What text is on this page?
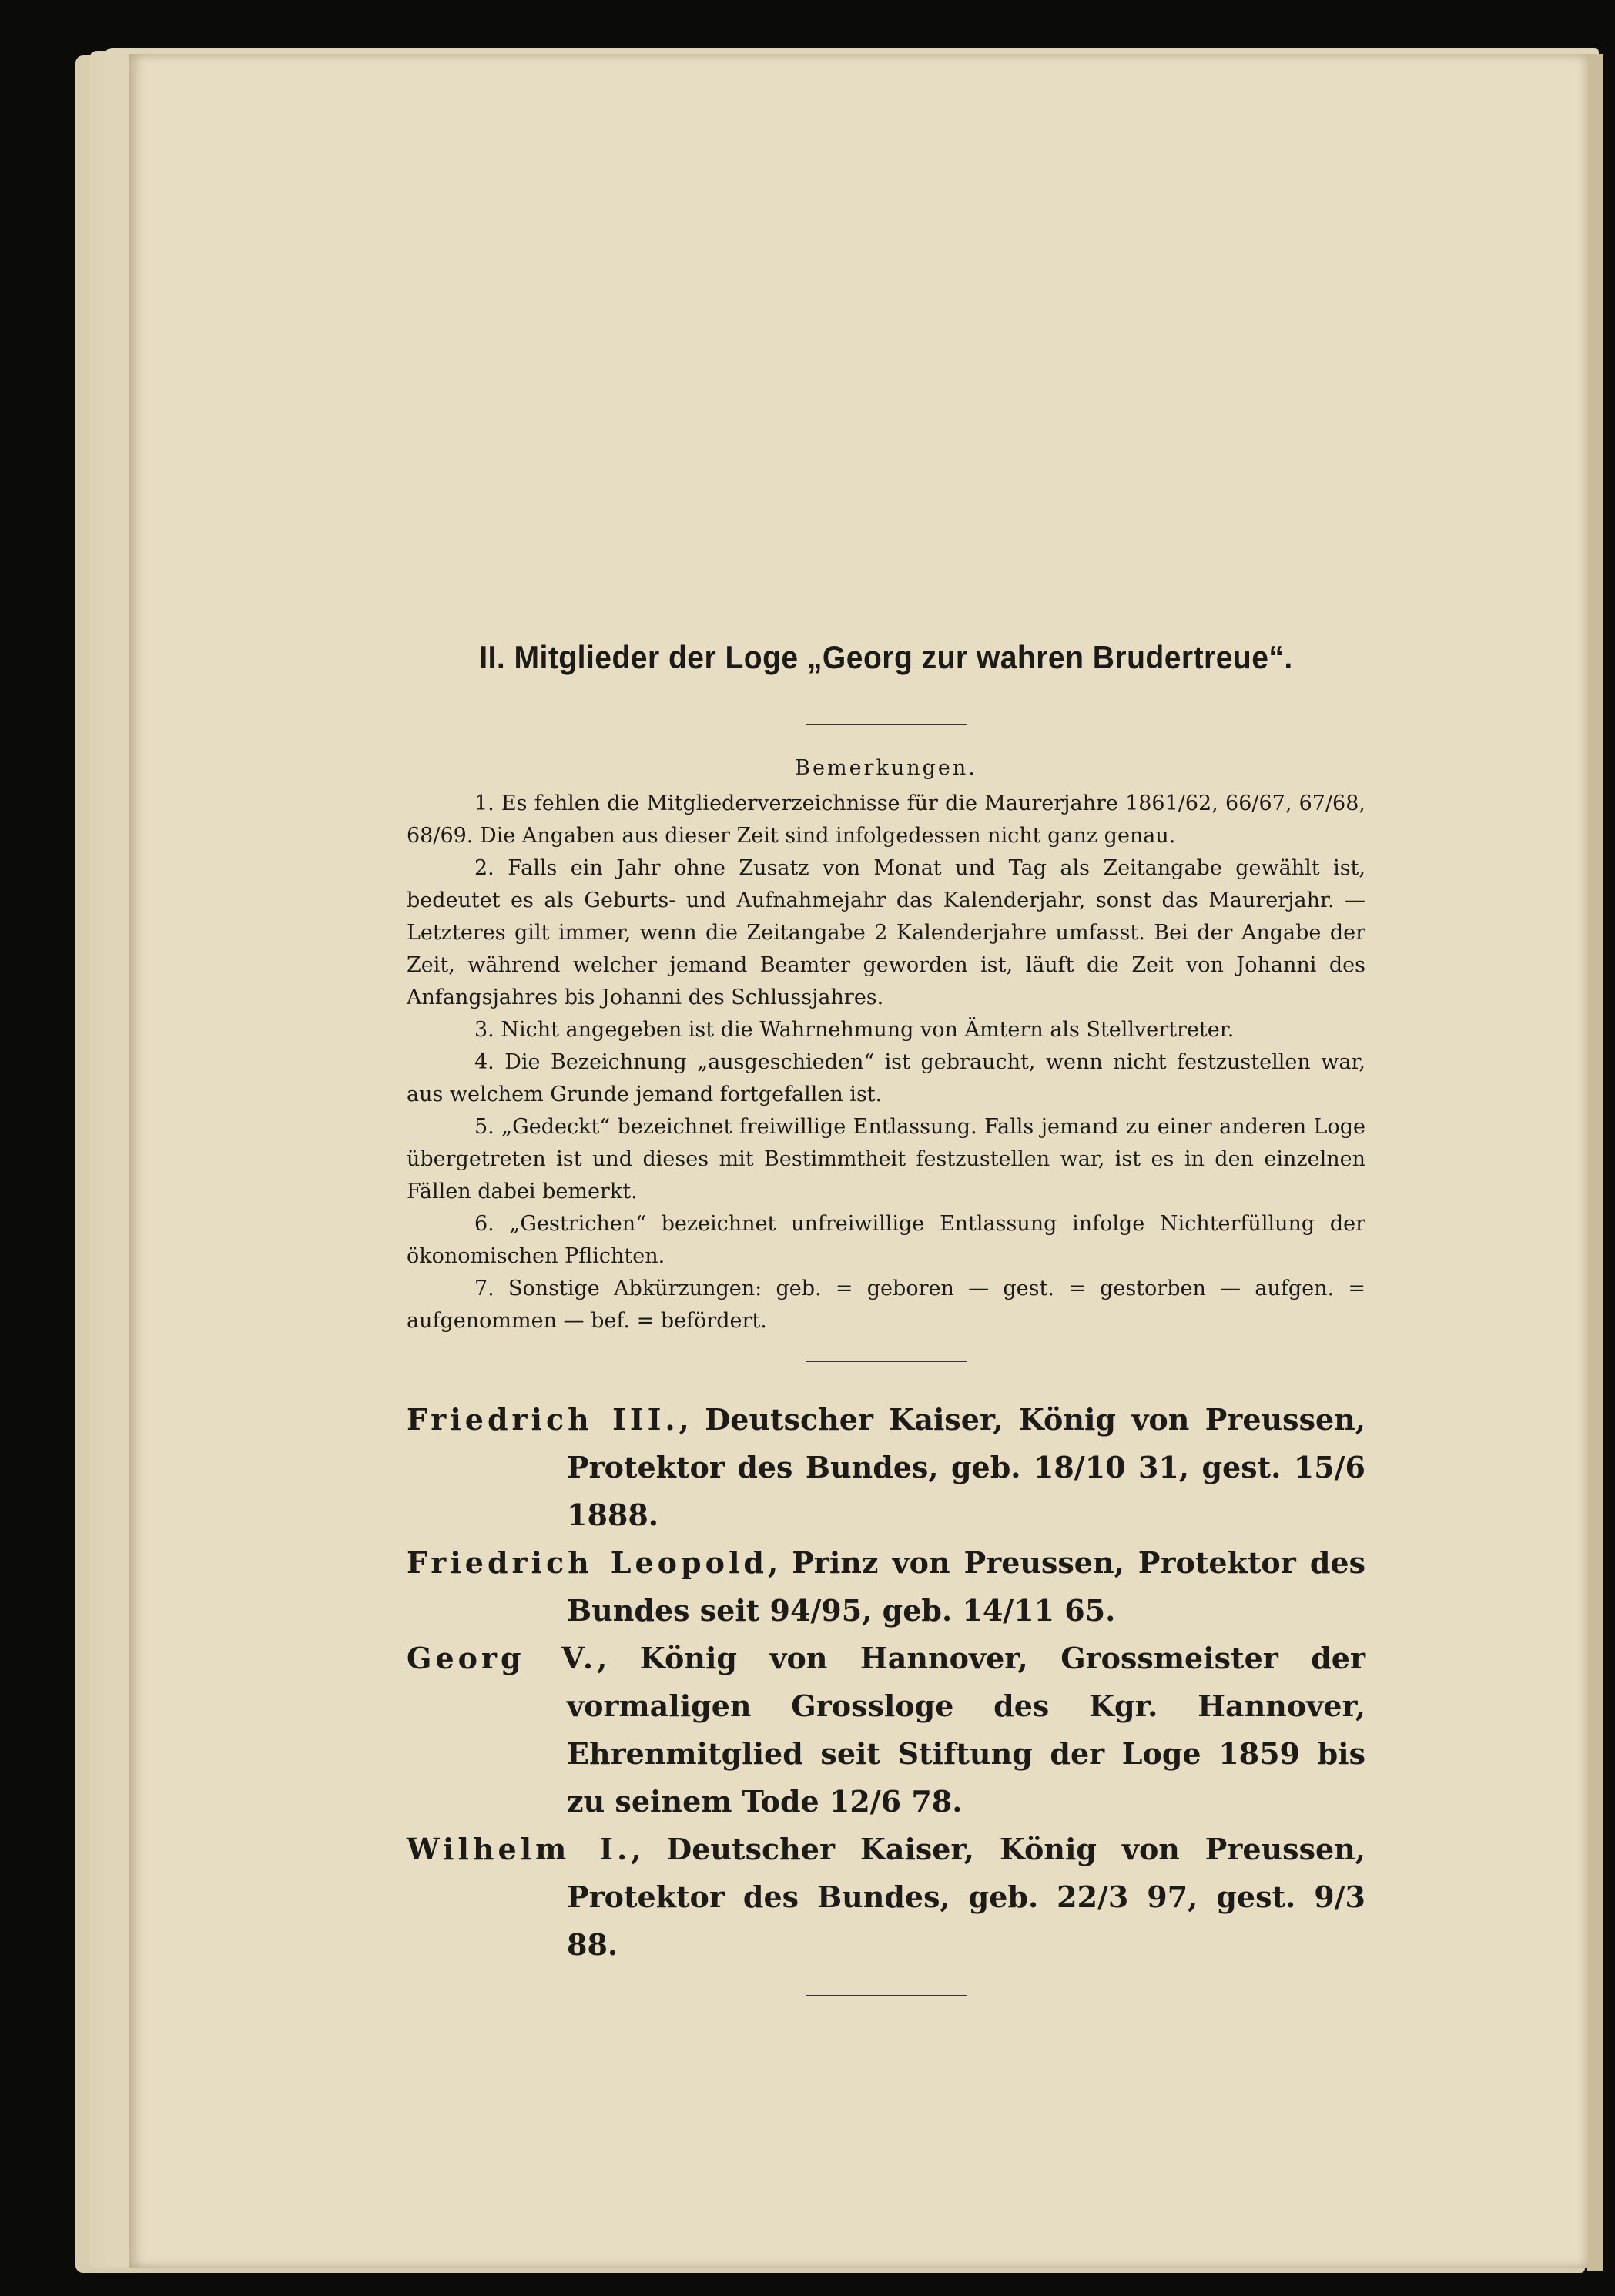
II. Mitglieder der Loge „Georg zur wahren Brudertreue“.
Bemerkungen.

1. Es fehlen die Mitgliederverzeichnisse für die Maurerjahre 1861/62, 66/67, 67/68, 68/69. Die Angaben aus dieser Zeit sind infolgedessen nicht ganz genau.

2. Falls ein Jahr ohne Zusatz von Monat und Tag als Zeitangabe gewählt ist, bedeutet es als Geburts- und Aufnahmejahr das Kalenderjahr, sonst das Maurerjahr. — Letzteres gilt immer, wenn die Zeitangabe 2 Kalenderjahre umfasst. Bei der Angabe der Zeit, während welcher jemand Beamter geworden ist, läuft die Zeit von Johanni des Anfangsjahres bis Johanni des Schlussjahres.

3. Nicht angegeben ist die Wahrnehmung von Ämtern als Stellvertreter.

4. Die Bezeichnung „ausgeschieden“ ist gebraucht, wenn nicht festzustellen war, aus welchem Grunde jemand fortgefallen ist.

5. „Gedeckt“ bezeichnet freiwillige Entlassung. Falls jemand zu einer anderen Loge übergetreten ist und dieses mit Bestimmtheit festzustellen war, ist es in den einzelnen Fällen dabei bemerkt.

6. „Gestrichen“ bezeichnet unfreiwillige Entlassung infolge Nichterfüllung der ökonomischen Pflichten.

7. Sonstige Abkürzungen: geb. = geboren — gest. = gestorben — aufgen. = aufgenommen — bef. = befördert.

Friedrich III., Deutscher Kaiser, König von Preussen, Protektor des Bundes, geb. 18/10 31, gest. 15/6 1888.
Friedrich Leopold, Prinz von Preussen, Protektor des Bundes seit 94/95, geb. 14/11 65.
Georg V., König von Hannover, Grossmeister der vormaligen Grossloge des Kgr. Hannover, Ehrenmitglied seit Stiftung der Loge 1859 bis zu seinem Tode 12/6 78.
Wilhelm I., Deutscher Kaiser, König von Preussen, Protektor des Bundes, geb. 22/3 97, gest. 9/3 88.
